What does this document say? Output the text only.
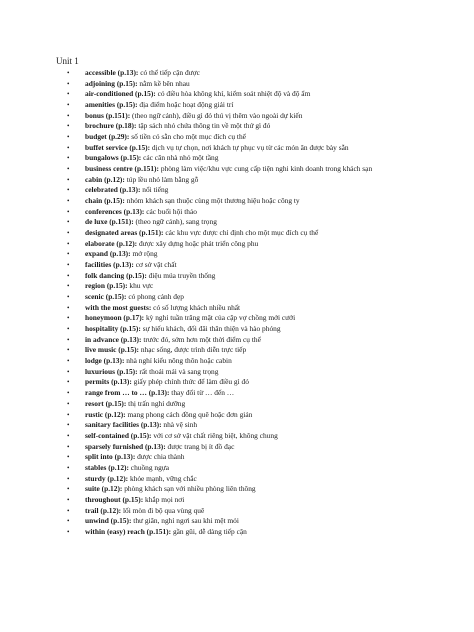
Unit 1
• accessible (p.13): có thể tiếp cận được
• adjoining (p.15): nằm kề bên nhau
• air-conditioned (p.15): có điều hòa không khí, kiểm soát nhiệt độ và độ ẩm
• amenities (p.15): địa điểm hoặc hoạt động giải trí
• bonus (p.151): (theo ngữ cảnh), điều gì đó thú vị thêm vào ngoài dự kiến
• brochure (p.18): tập sách nhỏ chứa thông tin về một thứ gì đó
• budget (p.29): số tiền có sẵn cho một mục đích cụ thể
• buffet service (p.15): dịch vụ tự chọn, nơi khách tự phục vụ từ các món ăn được bày sẵn
• bungalows (p.15): các căn nhà nhỏ một tầng
• business centre (p.151): phòng làm việc/khu vực cung cấp tiện nghi kinh doanh trong khách sạn
• cabin (p.12): túp lều nhỏ làm bằng gỗ
• celebrated (p.13): nổi tiếng
• chain (p.15): nhóm khách sạn thuộc cùng một thương hiệu hoặc công ty
• conferences (p.13): các buổi hội thảo
• de luxe (p.151): (theo ngữ cảnh), sang trọng
• designated areas (p.151): các khu vực được chỉ định cho một mục đích cụ thể
• elaborate (p.12): được xây dựng hoặc phát triển công phu
• expand (p.13): mở rộng
• facilities (p.13): cơ sở vật chất
• folk dancing (p.15): điệu múa truyền thống
• region (p.15): khu vực
• scenic (p.15): có phong cảnh đẹp
• with the most guests: có số lượng khách nhiều nhất
• honeymoon (p.17): kỳ nghỉ tuần trăng mật của cặp vợ chồng mới cưới
• hospitality (p.15): sự hiếu khách, đối đãi thân thiện và hào phóng
• in advance (p.13): trước đó, sớm hơn một thời điểm cụ thể
• live music (p.15): nhạc sống, được trình diễn trực tiếp
• lodge (p.13): nhà nghỉ kiểu nông thôn hoặc cabin
• luxurious (p.15): rất thoải mái và sang trọng
• permits (p.13): giấy phép chính thức để làm điều gì đó
• range from … to … (p.13): thay đổi từ … đến …
• resort (p.15): thị trấn nghỉ dưỡng
• rustic (p.12): mang phong cách đồng quê hoặc đơn giản
• sanitary facilities (p.13): nhà vệ sinh
• self-contained (p.15): với cơ sở vật chất riêng biệt, không chung
• sparsely furnished (p.13): được trang bị ít đồ đạc
• split into (p.13): được chia thành
• stables (p.12): chuồng ngựa
• sturdy (p.12): khỏe mạnh, vững chắc
• suite (p.12): phòng khách sạn với nhiều phòng liên thông
• throughout (p.15): khắp mọi nơi
• trail (p.12): lối mòn đi bộ qua vùng quê
• unwind (p.15): thư giãn, nghỉ ngơi sau khi mệt mỏi
• within (easy) reach (p.151): gần gũi, dễ dàng tiếp cận
